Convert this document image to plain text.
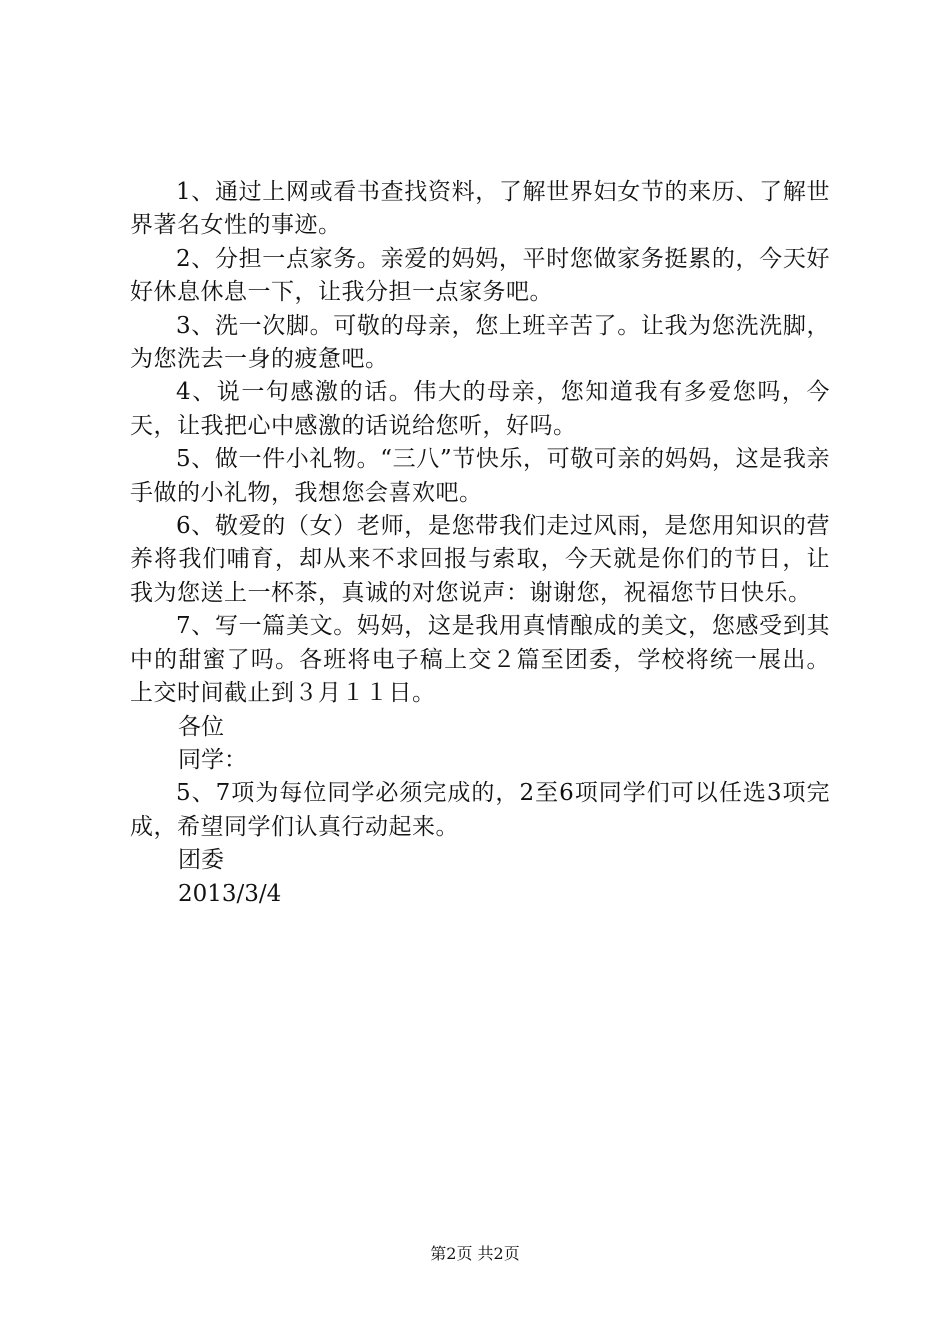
1、通过上网或看书查找资料，了解世界妇女节的来历、了解世界著名女性的事迹。

2、分担一点家务。亲爱的妈妈，平时您做家务挺累的，今天好好休息休息一下，让我分担一点家务吧。

3、洗一次脚。可敬的母亲，您上班辛苦了。让我为您洗洗脚，为您洗去一身的疲惫吧。

4、说一句感激的话。伟大的母亲，您知道我有多爱您吗，今天，让我把心中感激的话说给您听，好吗。

5、做一件小礼物。“三八”节快乐，可敬可亲的妈妈，这是我亲手做的小礼物，我想您会喜欢吧。

6、敬爱的（女）老师，是您带我们走过风雨，是您用知识的营养将我们哺育，却从来不求回报与索取，今天就是你们的节日，让我为您送上一杯茶，真诚的对您说声：谢谢您，祝福您节日快乐。

7、写一篇美文。妈妈，这是我用真情酿成的美文，您感受到其中的甜蜜了吗。各班将电子稿上交２篇至团委，学校将统一展出。上交时间截止到３月１１日。

各位

同学：

5、7项为每位同学必须完成的，2至6项同学们可以任选3项完成，希望同学们认真行动起来。

团委

2013/3/4

第2页 共2页
